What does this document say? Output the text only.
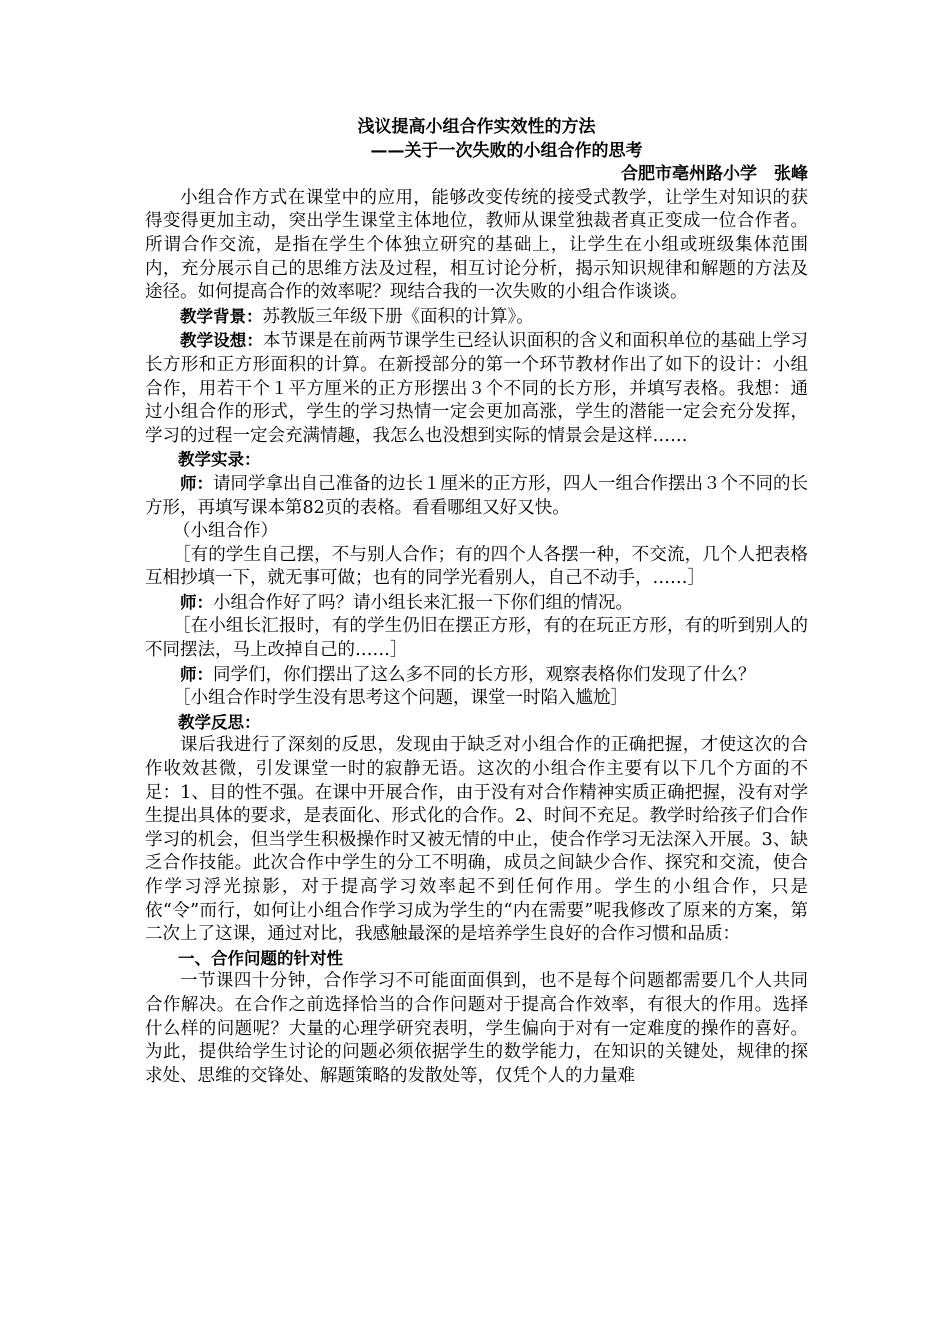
浅议提高小组合作实效性的方法

——关于一次失败的小组合作的思考

合肥市亳州路小学　张峰

小组合作方式在课堂中的应用，能够改变传统的接受式教学，让学生对知识的获得变得更加主动，突出学生课堂主体地位，教师从课堂独裁者真正变成一位合作者。所谓合作交流，是指在学生个体独立研究的基础上，让学生在小组或班级集体范围内，充分展示自己的思维方法及过程，相互讨论分析，揭示知识规律和解题的方法及途径。如何提高合作的效率呢？现结合我的一次失败的小组合作谈谈。

教学背景：苏教版三年级下册《面积的计算》。

教学设想：本节课是在前两节课学生已经认识面积的含义和面积单位的基础上学习长方形和正方形面积的计算。在新授部分的第一个环节教材作出了如下的设计：小组合作，用若干个１平方厘米的正方形摆出３个不同的长方形，并填写表格。我想：通过小组合作的形式，学生的学习热情一定会更加高涨，学生的潜能一定会充分发挥，学习的过程一定会充满情趣，我怎么也没想到实际的情景会是这样……

教学实录：

师：请同学拿出自己准备的边长１厘米的正方形，四人一组合作摆出３个不同的长方形，再填写课本第82页的表格。看看哪组又好又快。

（小组合作）

［有的学生自己摆，不与别人合作；有的四个人各摆一种，不交流，几个人把表格互相抄填一下，就无事可做；也有的同学光看别人，自己不动手，……］

师：小组合作好了吗？请小组长来汇报一下你们组的情况。

［在小组长汇报时，有的学生仍旧在摆正方形，有的在玩正方形，有的听到别人的不同摆法，马上改掉自己的……］

师：同学们，你们摆出了这么多不同的长方形，观察表格你们发现了什么？

［小组合作时学生没有思考这个问题，课堂一时陷入尴尬］

教学反思：

课后我进行了深刻的反思，发现由于缺乏对小组合作的正确把握，才使这次的合作收效甚微，引发课堂一时的寂静无语。这次的小组合作主要有以下几个方面的不足：1、目的性不强。在课中开展合作，由于没有对合作精神实质正确把握，没有对学生提出具体的要求，是表面化、形式化的合作。2、时间不充足。教学时给孩子们合作学习的机会，但当学生积极操作时又被无情的中止，使合作学习无法深入开展。3、缺乏合作技能。此次合作中学生的分工不明确，成员之间缺少合作、探究和交流，使合作学习浮光掠影，对于提高学习效率起不到任何作用。学生的小组合作，只是依“令”而行，如何让小组合作学习成为学生的“内在需要”呢我修改了原来的方案，第二次上了这课，通过对比，我感触最深的是培养学生良好的合作习惯和品质：

一、合作问题的针对性

一节课四十分钟，合作学习不可能面面俱到，也不是每个问题都需要几个人共同合作解决。在合作之前选择恰当的合作问题对于提高合作效率，有很大的作用。选择什么样的问题呢？大量的心理学研究表明，学生偏向于对有一定难度的操作的喜好。为此，提供给学生讨论的问题必须依据学生的数学能力，在知识的关键处，规律的探求处、思维的交锋处、解题策略的发散处等，仅凭个人的力量难
